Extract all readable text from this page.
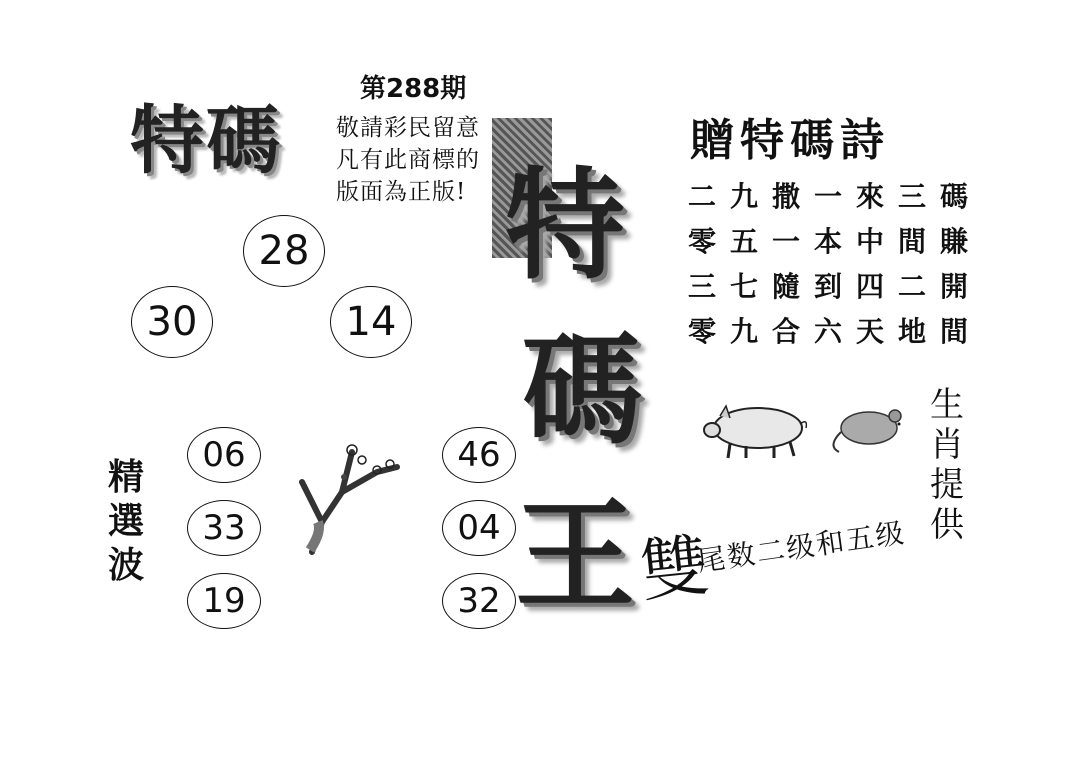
第288期
特碼 敬請彩民留意
凡有此商標的
版面為正版!
28
30	14
精選波
06
33
19
46
04
32
特
碼
王
贈特碼詩
二九撒一來三碼
零五一本中間賺
三七隨到四二開
零九合六天地間
生肖提供
雙
尾数二级和五级
